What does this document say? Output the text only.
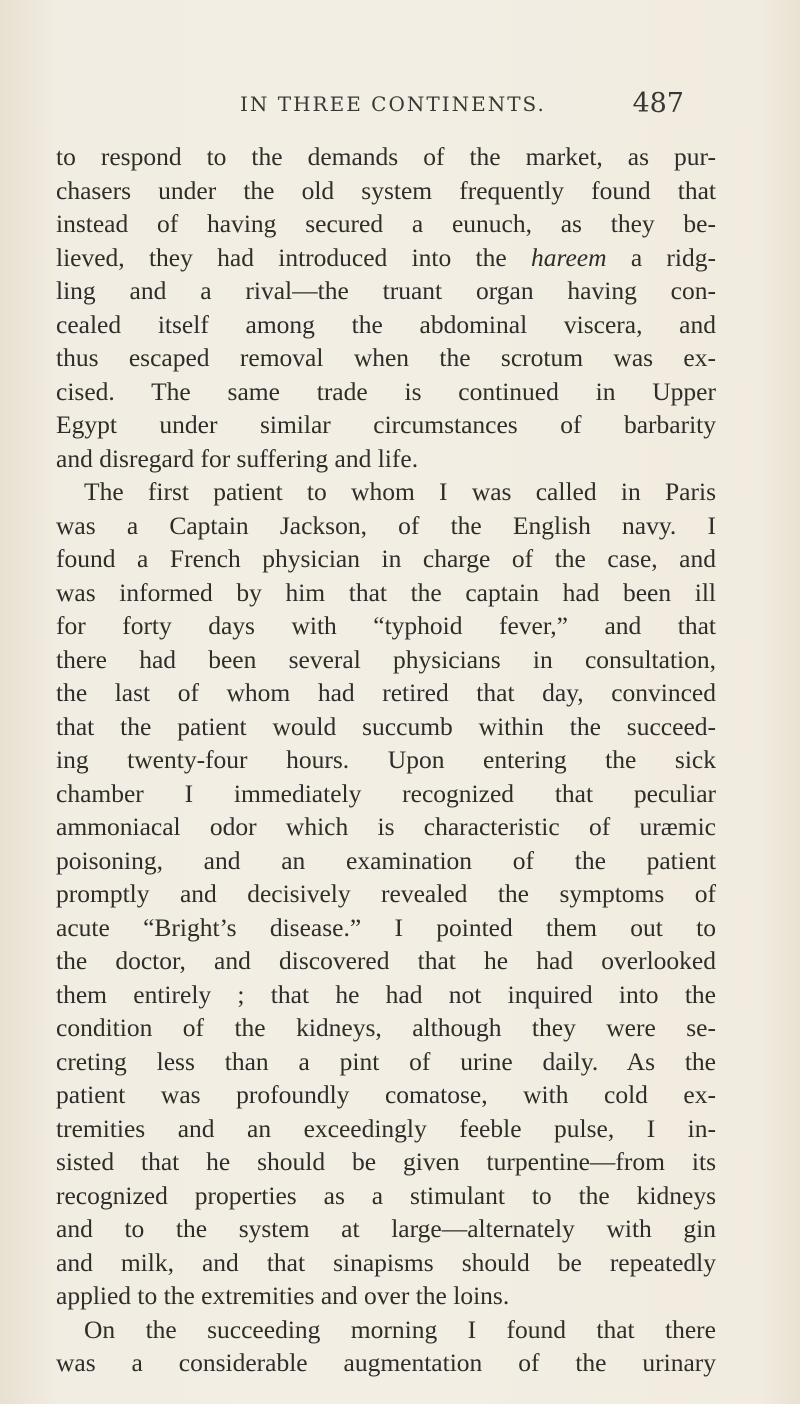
IN THREE CONTINENTS.	487
to respond to the demands of the market, as pur-
chasers under the old system frequently found that
instead of having secured a eunuch, as they be-
lieved, they had introduced into the hareem a ridg-
ling and a rival—the truant organ having con-
cealed itself among the abdominal viscera, and
thus escaped removal when the scrotum was ex-
cised. The same trade is continued in Upper
Egypt under similar circumstances of barbarity
and disregard for suffering and life.
The first patient to whom I was called in Paris
was a Captain Jackson, of the English navy. I
found a French physician in charge of the case, and
was informed by him that the captain had been ill
for forty days with “typhoid fever,” and that
there had been several physicians in consultation,
the last of whom had retired that day, convinced
that the patient would succumb within the succeed-
ing twenty-four hours. Upon entering the sick
chamber I immediately recognized that peculiar
ammoniacal odor which is characteristic of uræmic
poisoning, and an examination of the patient
promptly and decisively revealed the symptoms of
acute “Bright’s disease.” I pointed them out to
the doctor, and discovered that he had overlooked
them entirely ; that he had not inquired into the
condition of the kidneys, although they were se-
creting less than a pint of urine daily. As the
patient was profoundly comatose, with cold ex-
tremities and an exceedingly feeble pulse, I in-
sisted that he should be given turpentine—from its
recognized properties as a stimulant to the kidneys
and to the system at large—alternately with gin
and milk, and that sinapisms should be repeatedly
applied to the extremities and over the loins.
On the succeeding morning I found that there
was a considerable augmentation of the urinary
